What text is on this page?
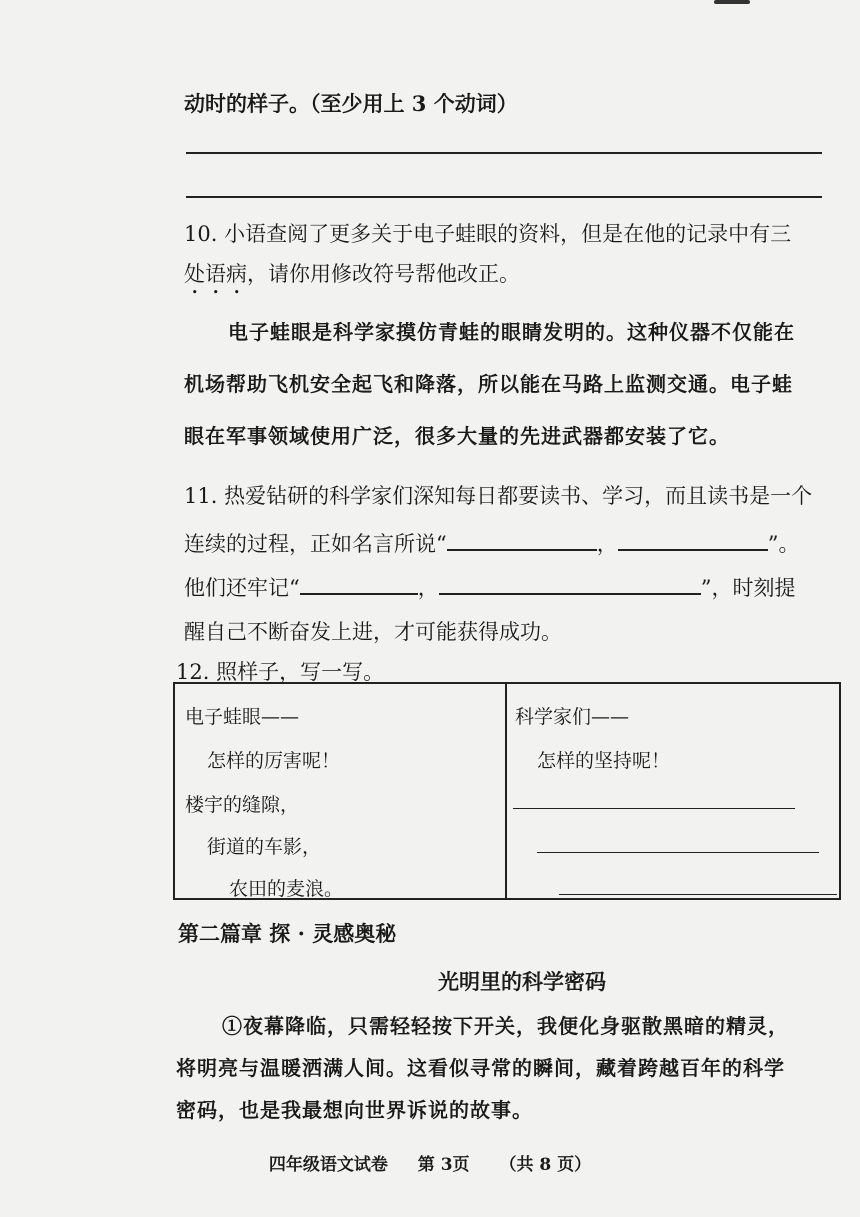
动时的样子。（至少用上 3 个动词）
10. 小语查阅了更多关于电子蛙眼的资料，但是在他的记录中有三
处语病，请你用修改符号帮他改正。
电子蛙眼是科学家摸仿青蛙的眼睛发明的。这种仪器不仅能在
机场帮助飞机安全起飞和降落，所以能在马路上监测交通。电子蛙
眼在军事领域使用广泛，很多大量的先进武器都安装了它。
11. 热爱钻研的科学家们深知每日都要读书、学习，而且读书是一个
连续的过程，正如名言所说“	，	”。
他们还牢记“	，	”，时刻提
醒自己不断奋发上进，才可能获得成功。
12. 照样子，写一写。
电子蛙眼——
怎样的厉害呢！
楼宇的缝隙，
街道的车影，
农田的麦浪。
科学家们——
怎样的坚持呢！
第二篇章 探 · 灵感奥秘
光明里的科学密码
①夜幕降临，只需轻轻按下开关，我便化身驱散黑暗的精灵，
将明亮与温暖洒满人间。这看似寻常的瞬间，藏着跨越百年的科学
密码，也是我最想向世界诉说的故事。
四年级语文试卷 第 3页 （共 8 页）
